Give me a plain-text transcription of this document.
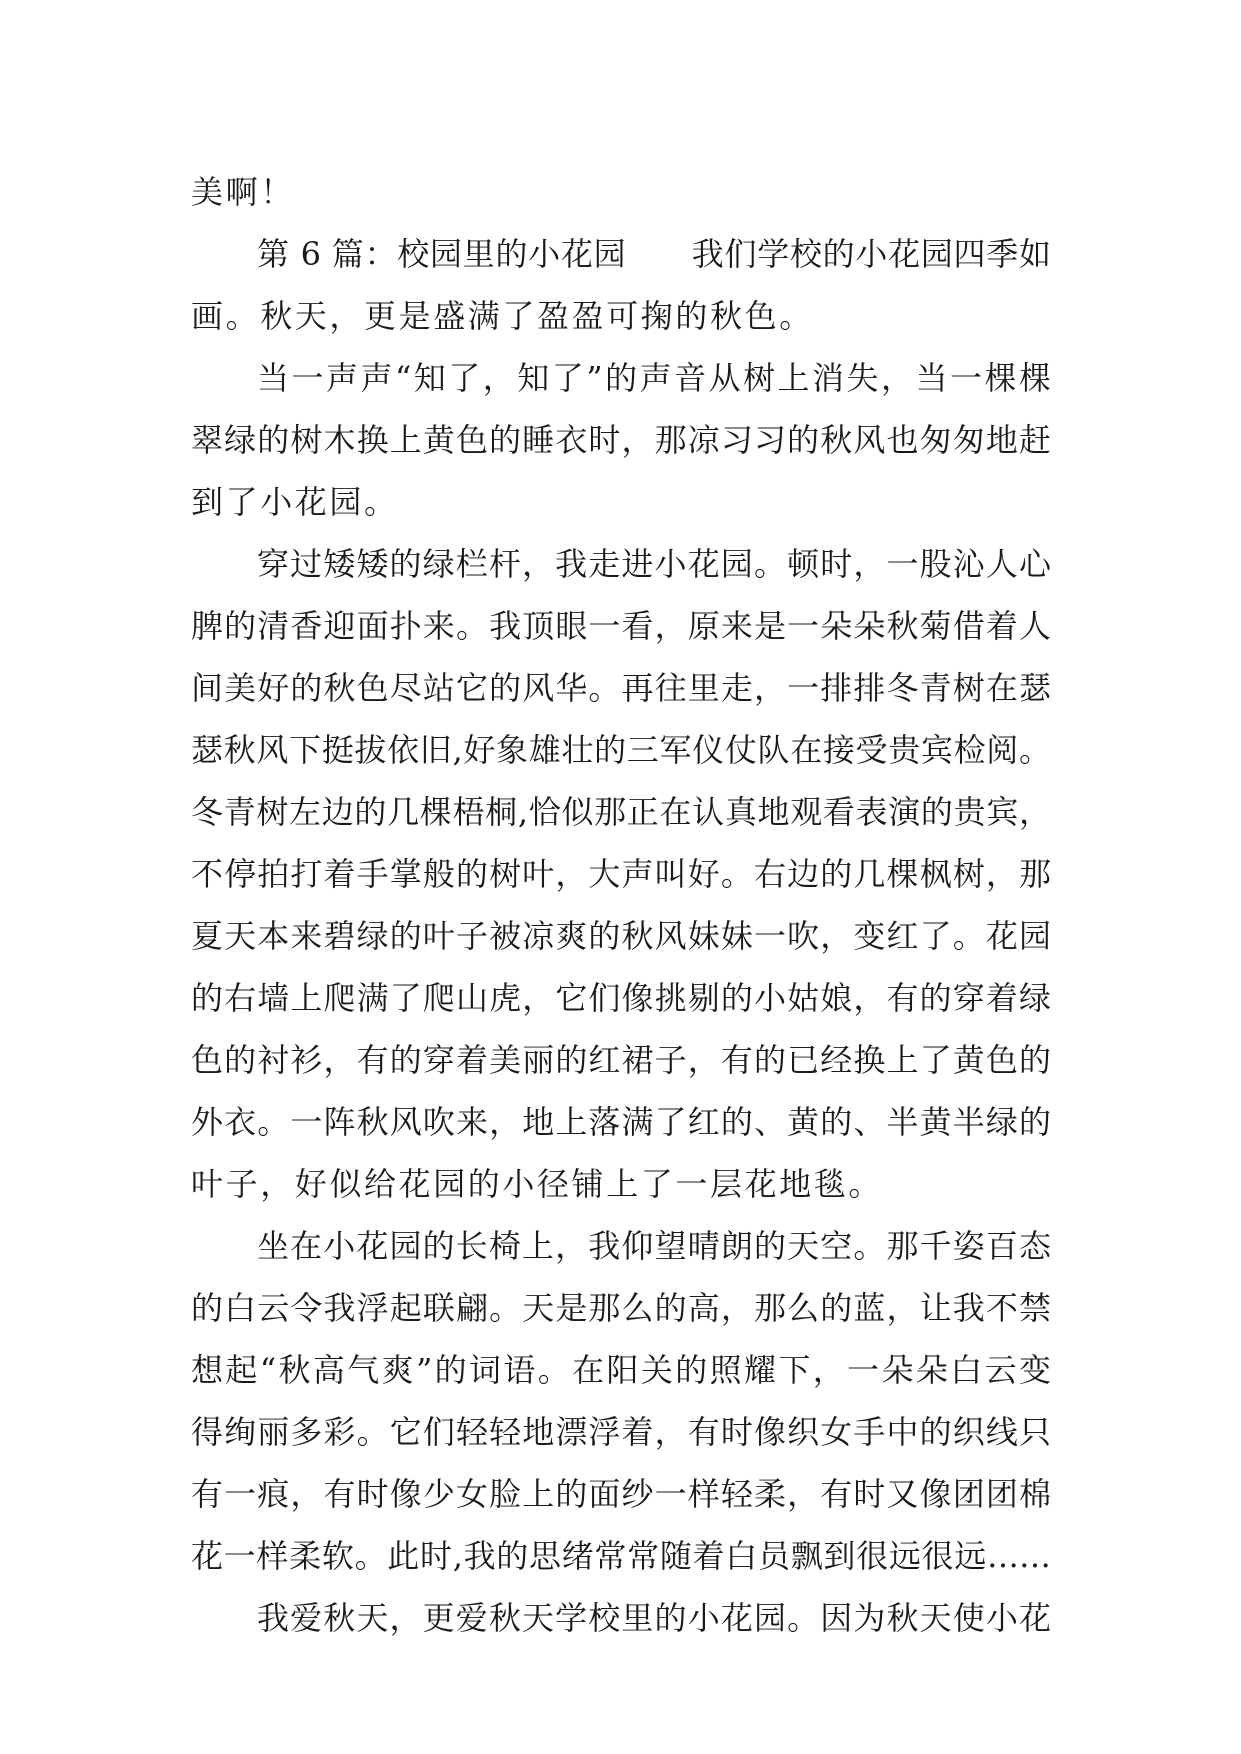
美啊！
第 6 篇：校园里的小花园　　我们学校的小花园四季如
画。秋天，更是盛满了盈盈可掬的秋色。
当一声声“知了，知了”的声音从树上消失，当一棵棵
翠绿的树木换上黄色的睡衣时，那凉习习的秋风也匆匆地赶
到了小花园。
穿过矮矮的绿栏杆，我走进小花园。顿时，一股沁人心
脾的清香迎面扑来。我顶眼一看，原来是一朵朵秋菊借着人
间美好的秋色尽站它的风华。再往里走，一排排冬青树在瑟
瑟秋风下挺拔依旧,好象雄壮的三军仪仗队在接受贵宾检阅。
冬青树左边的几棵梧桐,恰似那正在认真地观看表演的贵宾，
不停拍打着手掌般的树叶，大声叫好。右边的几棵枫树，那
夏天本来碧绿的叶子被凉爽的秋风妹妹一吹，变红了。花园
的右墙上爬满了爬山虎，它们像挑剔的小姑娘，有的穿着绿
色的衬衫，有的穿着美丽的红裙子，有的已经换上了黄色的
外衣。一阵秋风吹来，地上落满了红的、黄的、半黄半绿的
叶子，好似给花园的小径铺上了一层花地毯。
坐在小花园的长椅上，我仰望晴朗的天空。那千姿百态
的白云令我浮起联翩。天是那么的高，那么的蓝，让我不禁
想起“秋高气爽”的词语。在阳关的照耀下，一朵朵白云变
得绚丽多彩。它们轻轻地漂浮着，有时像织女手中的织线只
有一痕，有时像少女脸上的面纱一样轻柔，有时又像团团棉
花一样柔软。此时,我的思绪常常随着白员飘到很远很远……
我爱秋天，更爱秋天学校里的小花园。因为秋天使小花
